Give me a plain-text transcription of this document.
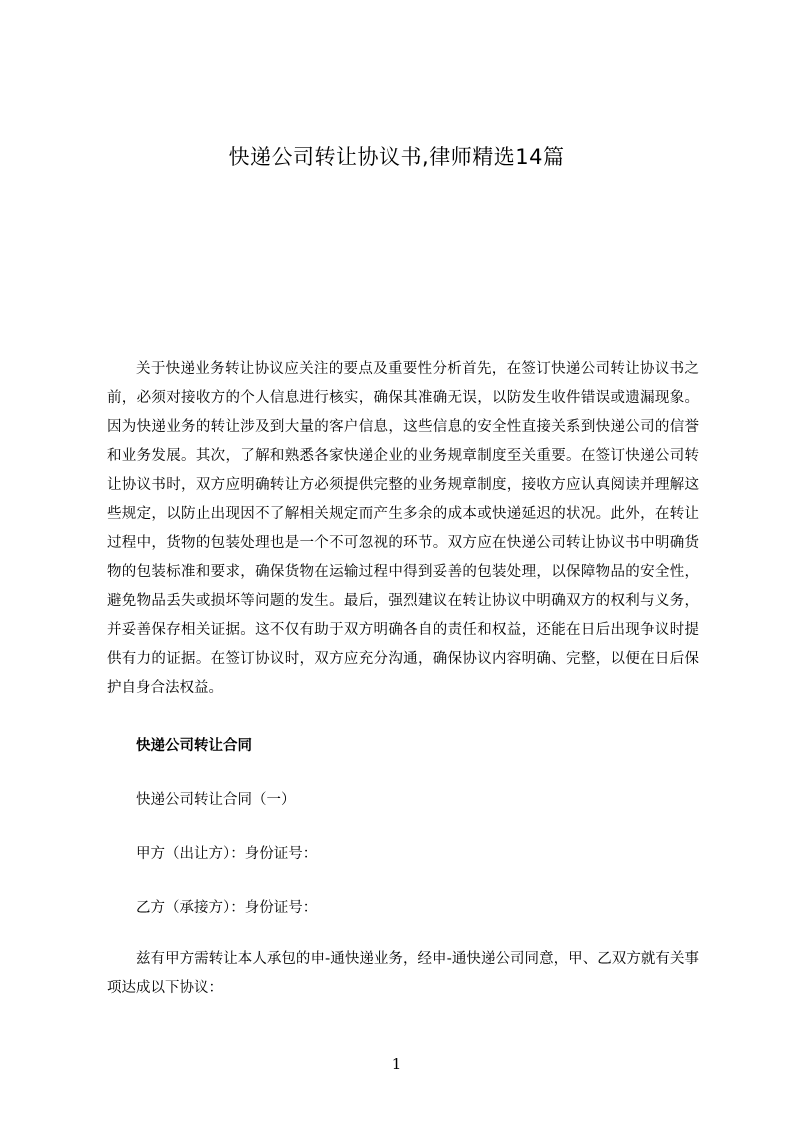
快递公司转让协议书,律师精选14篇

关于快递业务转让协议应关注的要点及重要性分析首先，在签订快递公司转让协议书之前，必须对接收方的个人信息进行核实，确保其准确无误，以防发生收件错误或遗漏现象。因为快递业务的转让涉及到大量的客户信息，这些信息的安全性直接关系到快递公司的信誉和业务发展。其次，了解和熟悉各家快递企业的业务规章制度至关重要。在签订快递公司转让协议书时，双方应明确转让方必须提供完整的业务规章制度，接收方应认真阅读并理解这些规定，以防止出现因不了解相关规定而产生多余的成本或快递延迟的状况。此外，在转让过程中，货物的包装处理也是一个不可忽视的环节。双方应在快递公司转让协议书中明确货物的包装标准和要求，确保货物在运输过程中得到妥善的包装处理，以保障物品的安全性，避免物品丢失或损坏等问题的发生。最后，强烈建议在转让协议中明确双方的权利与义务，并妥善保存相关证据。这不仅有助于双方明确各自的责任和权益，还能在日后出现争议时提供有力的证据。在签订协议时，双方应充分沟通，确保协议内容明确、完整，以便在日后保护自身合法权益。

快递公司转让合同

快递公司转让合同（一）

甲方（出让方）：身份证号：

乙方（承接方）：身份证号：

兹有甲方需转让本人承包的申-通快递业务，经申-通快递公司同意，甲、乙双方就有关事项达成以下协议：

1
